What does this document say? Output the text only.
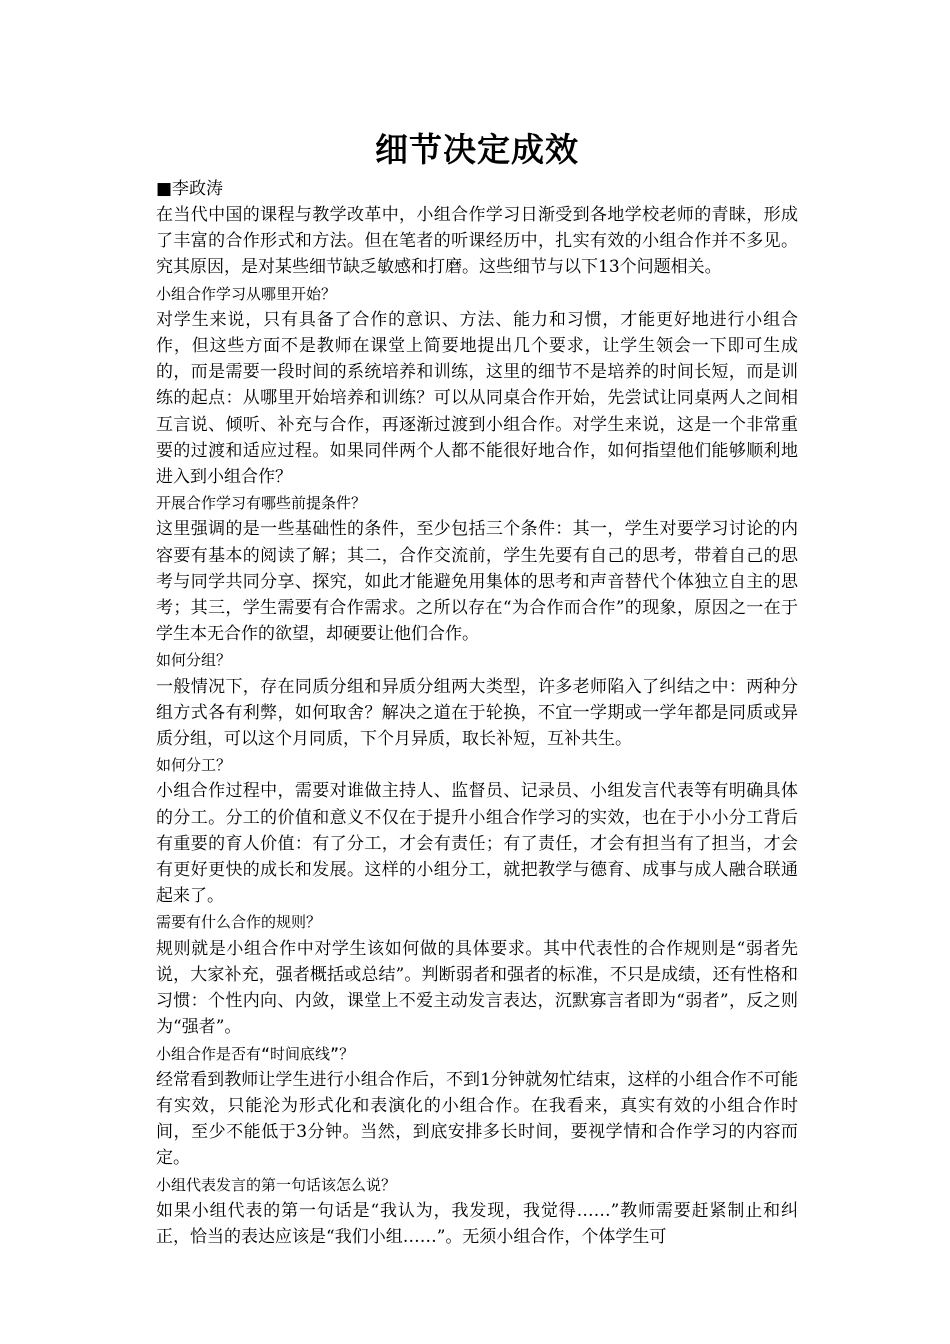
细节决定成效

■李政涛

在当代中国的课程与教学改革中，小组合作学习日渐受到各地学校老师的青睐，形成了丰富的合作形式和方法。但在笔者的听课经历中，扎实有效的小组合作并不多见。究其原因，是对某些细节缺乏敏感和打磨。这些细节与以下13个问题相关。

小组合作学习从哪里开始？

对学生来说，只有具备了合作的意识、方法、能力和习惯，才能更好地进行小组合作，但这些方面不是教师在课堂上简要地提出几个要求，让学生领会一下即可生成的，而是需要一段时间的系统培养和训练，这里的细节不是培养的时间长短，而是训练的起点：从哪里开始培养和训练？可以从同桌合作开始，先尝试让同桌两人之间相互言说、倾听、补充与合作，再逐渐过渡到小组合作。对学生来说，这是一个非常重要的过渡和适应过程。如果同伴两个人都不能很好地合作，如何指望他们能够顺利地进入到小组合作？

开展合作学习有哪些前提条件？

这里强调的是一些基础性的条件，至少包括三个条件：其一，学生对要学习讨论的内容要有基本的阅读了解；其二，合作交流前，学生先要有自己的思考，带着自己的思考与同学共同分享、探究，如此才能避免用集体的思考和声音替代个体独立自主的思考；其三，学生需要有合作需求。之所以存在“为合作而合作”的现象，原因之一在于学生本无合作的欲望，却硬要让他们合作。

如何分组？

一般情况下，存在同质分组和异质分组两大类型，许多老师陷入了纠结之中：两种分组方式各有利弊，如何取舍？解决之道在于轮换，不宜一学期或一学年都是同质或异质分组，可以这个月同质，下个月异质，取长补短，互补共生。

如何分工？

小组合作过程中，需要对谁做主持人、监督员、记录员、小组发言代表等有明确具体的分工。分工的价值和意义不仅在于提升小组合作学习的实效，也在于小小分工背后有重要的育人价值：有了分工，才会有责任；有了责任，才会有担当有了担当，才会有更好更快的成长和发展。这样的小组分工，就把教学与德育、成事与成人融合联通起来了。

需要有什么合作的规则？

规则就是小组合作中对学生该如何做的具体要求。其中代表性的合作规则是“弱者先说，大家补充，强者概括或总结”。判断弱者和强者的标准，不只是成绩，还有性格和习惯：个性内向、内敛，课堂上不爱主动发言表达，沉默寡言者即为“弱者”，反之则为“强者”。

小组合作是否有“时间底线”？

经常看到教师让学生进行小组合作后，不到1分钟就匆忙结束，这样的小组合作不可能有实效，只能沦为形式化和表演化的小组合作。在我看来，真实有效的小组合作时间，至少不能低于3分钟。当然，到底安排多长时间，要视学情和合作学习的内容而定。

小组代表发言的第一句话该怎么说？

如果小组代表的第一句话是“我认为，我发现，我觉得……”教师需要赶紧制止和纠正，恰当的表达应该是“我们小组……”。无须小组合作，个体学生可
